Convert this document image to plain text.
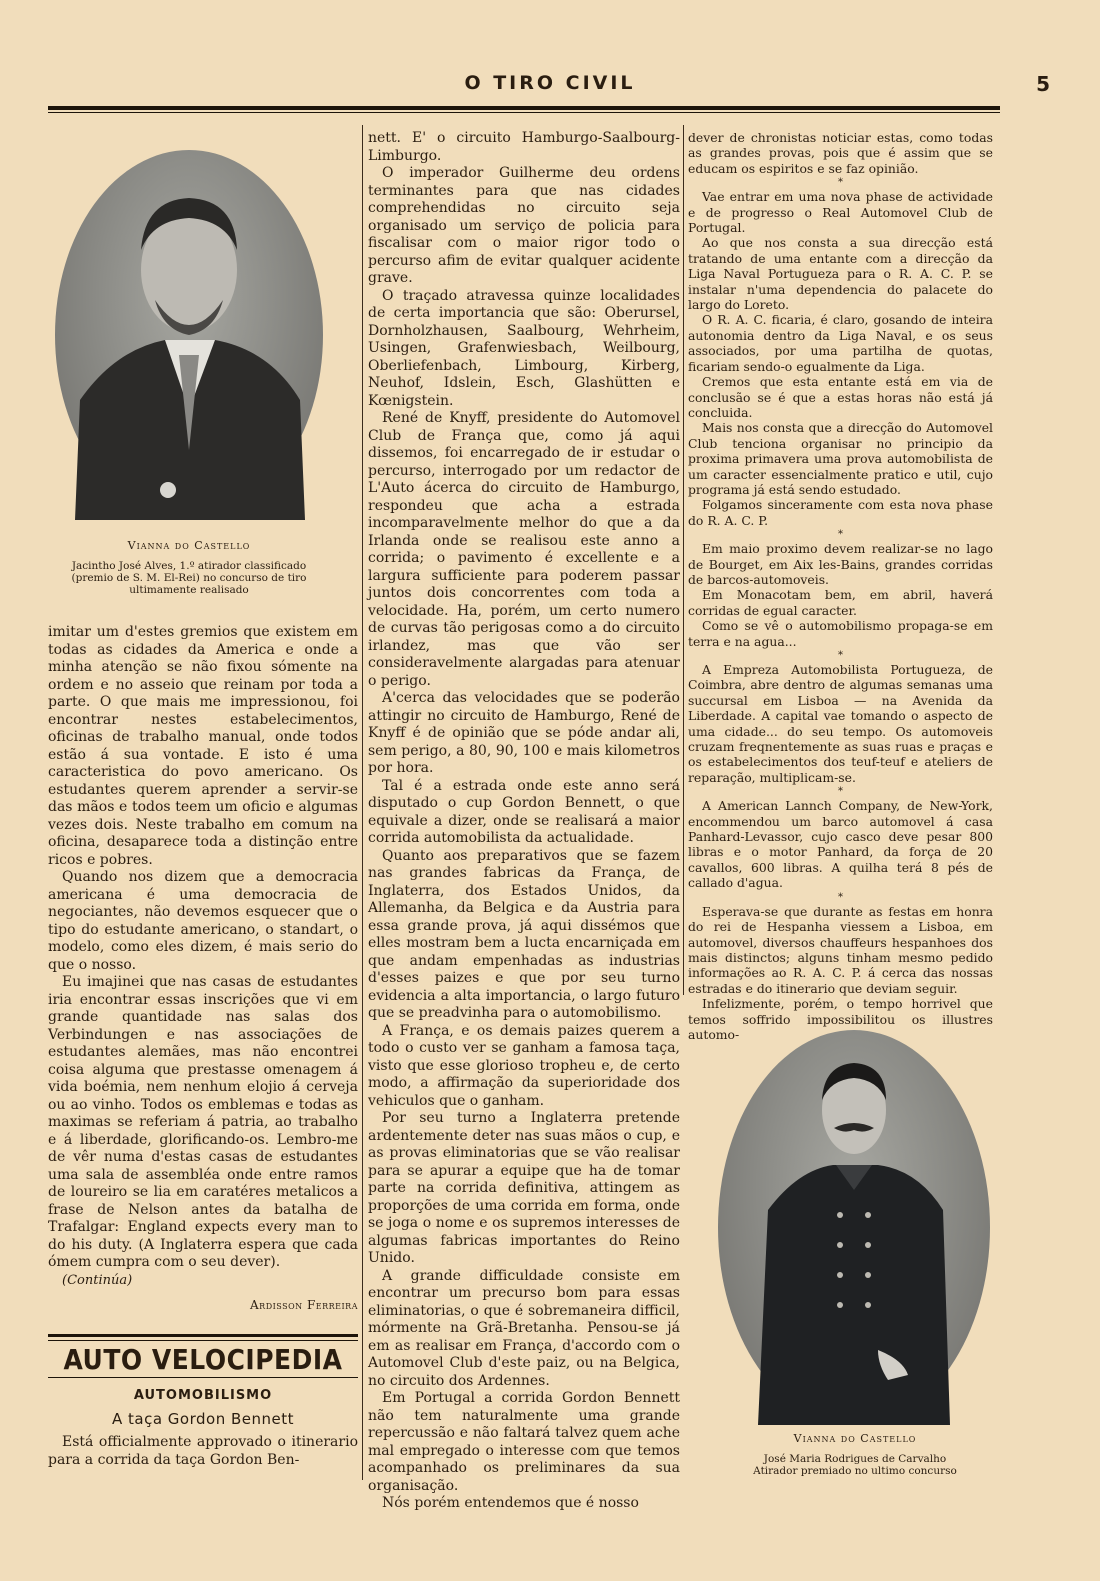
O TIRO CIVIL	5
Vianna do Castello
Jacintho José Alves, 1.º atirador classificado
(premio de S. M. El-Rei) no concurso de tiro
ultimamente realisado

imitar um d'estes gremios que existem em todas as cidades da America e onde a minha atenção se não fixou sómente na ordem e no asseio que reinam por toda a parte. O que mais me impressionou, foi encontrar nestes estabelecimentos, oficinas de trabalho manual, onde todos estão á sua vontade. E isto é uma caracteristica do povo americano. Os estudantes querem aprender a servir-se das mãos e todos teem um oficio e algumas vezes dois. Neste trabalho em comum na oficina, desaparece toda a distinção entre ricos e pobres.

Quando nos dizem que a democracia americana é uma democracia de negociantes, não devemos esquecer que o tipo do estudante americano, o standart, o modelo, como eles dizem, é mais serio do que o nosso.

Eu imajinei que nas casas de estudantes iria encontrar essas inscrições que vi em grande quantidade nas salas dos Verbindungen e nas associações de estudantes alemães, mas não encontrei coisa alguma que prestasse omenagem á vida boémia, nem nenhum elojio á cerveja ou ao vinho. Todos os emblemas e todas as maximas se referiam á patria, ao trabalho e á liberdade, glorificando-os. Lembro-me de vêr numa d'estas casas de estudantes uma sala de assembléa onde entre ramos de loureiro se lia em caratéres metalicos a frase de Nelson antes da batalha de Trafalgar: England expects every man to do his duty. (A Inglaterra espera que cada ómem cumpra com o seu dever).

(Continúa)
Ardisson Ferreira
AUTO VELOCIPEDIA
AUTOMOBILISMO
A taça Gordon Bennett

Está officialmente approvado o itinerario para a corrida da taça Gordon Ben-

nett. E' o circuito Hamburgo-Saalbourg-Limburgo.

O imperador Guilherme deu ordens terminantes para que nas cidades comprehendidas no circuito seja organisado um serviço de policia para fiscalisar com o maior rigor todo o percurso afim de evitar qualquer acidente grave.

O traçado atravessa quinze localidades de certa importancia que são: Oberursel, Dornholzhausen, Saalbourg, Wehrheim, Usingen, Grafenwiesbach, Weilbourg, Oberliefenbach, Limbourg, Kirberg, Neuhof, Idslein, Esch, Glashütten e Kœnigstein.

René de Knyff, presidente do Automovel Club de França que, como já aqui dissemos, foi encarregado de ir estudar o percurso, interrogado por um redactor de L'Auto ácerca do circuito de Hamburgo, respondeu que acha a estrada incomparavelmente melhor do que a da Irlanda onde se realisou este anno a corrida; o pavimento é excellente e a largura sufficiente para poderem passar juntos dois concorrentes com toda a velocidade. Ha, porém, um certo numero de curvas tão perigosas como a do circuito irlandez, mas que vão ser consideravelmente alargadas para atenuar o perigo.

A'cerca das velocidades que se poderão attingir no circuito de Hamburgo, René de Knyff é de opinião que se póde andar ali, sem perigo, a 80, 90, 100 e mais kilometros por hora.

Tal é a estrada onde este anno será disputado o cup Gordon Bennett, o que equivale a dizer, onde se realisará a maior corrida automobilista da actualidade.

Quanto aos preparativos que se fazem nas grandes fabricas da França, de Inglaterra, dos Estados Unidos, da Allemanha, da Belgica e da Austria para essa grande prova, já aqui dissémos que elles mostram bem a lucta encarniçada em que andam empenhadas as industrias d'esses paizes e que por seu turno evidencia a alta importancia, o largo futuro que se preadvinha para o automobilismo.

A França, e os demais paizes querem a todo o custo ver se ganham a famosa taça, visto que esse glorioso tropheu e, de certo modo, a affirmação da superioridade dos vehiculos que o ganham.

Por seu turno a Inglaterra pretende ardentemente deter nas suas mãos o cup, e as provas eliminatorias que se vão realisar para se apurar a equipe que ha de tomar parte na corrida definitiva, attingem as proporções de uma corrida em forma, onde se joga o nome e os supremos interesses de algumas fabricas importantes do Reino Unido.

A grande difficuldade consiste em encontrar um precurso bom para essas eliminatorias, o que é sobremaneira difficil, mórmente na Grã-Bretanha. Pensou-se já em as realisar em França, d'accordo com o Automovel Club d'este paiz, ou na Belgica, no circuito dos Ardennes.

Em Portugal a corrida Gordon Bennett não tem naturalmente uma grande repercussão e não faltará talvez quem ache mal empregado o interesse com que temos acompanhado os preliminares da sua organisação.

Nós porém entendemos que é nosso

dever de chronistas noticiar estas, como todas as grandes provas, pois que é assim que se educam os espiritos e se faz opinião.

*

Vae entrar em uma nova phase de actividade e de progresso o Real Automovel Club de Portugal.

Ao que nos consta a sua direcção está tratando de uma entante com a direcção da Liga Naval Portugueza para o R. A. C. P. se instalar n'uma dependencia do palacete do largo do Loreto.

O R. A. C. ficaria, é claro, gosando de inteira autonomia dentro da Liga Naval, e os seus associados, por uma partilha de quotas, ficariam sendo-o egualmente da Liga.

Cremos que esta entante está em via de conclusão se é que a estas horas não está já concluida.

Mais nos consta que a direcção do Automovel Club tenciona organisar no principio da proxima primavera uma prova automobilista de um caracter essencialmente pratico e util, cujo programa já está sendo estudado.

Folgamos sinceramente com esta nova phase do R. A. C. P.

*

Em maio proximo devem realizar-se no lago de Bourget, em Aix les-Bains, grandes corridas de barcos-automoveis.

Em Monacotam bem, em abril, haverá corridas de egual caracter.

Como se vê o automobilismo propaga-se em terra e na agua...

*

A Empreza Automobilista Portugueza, de Coimbra, abre dentro de algumas semanas uma succursal em Lisboa — na Avenida da Liberdade. A capital vae tomando o aspecto de uma cidade... do seu tempo. Os automoveis cruzam freqnentemente as suas ruas e praças e os estabelecimentos dos teuf-teuf e ateliers de reparação, multiplicam-se.

*

A American Lannch Company, de New-York, encommendou um barco automovel á casa Panhard-Levassor, cujo casco deve pesar 800 libras e o motor Panhard, da força de 20 cavallos, 600 libras. A quilha terá 8 pés de callado d'agua.

*

Esperava-se que durante as festas em honra do rei de Hespanha viessem a Lisboa, em automovel, diversos chauffeurs hespanhoes dos mais distinctos; alguns tinham mesmo pedido informações ao R. A. C. P. á cerca das nossas estradas e do itinerario que deviam seguir.

Infelizmente, porém, o tempo horrivel que temos soffrido impossibilitou os illustres automo-

Vianna do Castello
José Maria Rodrigues de Carvalho
Atirador premiado no ultimo concurso
